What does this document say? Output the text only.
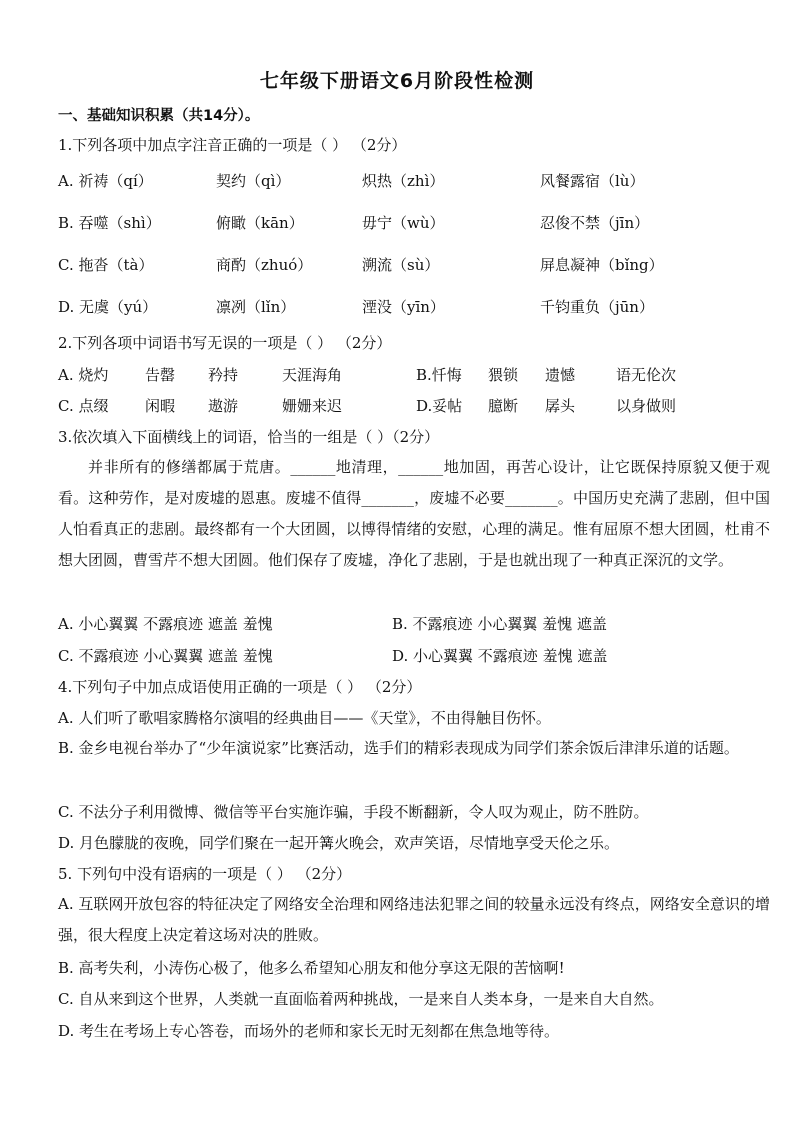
七年级下册语文6月阶段性检测
一、基础知识积累（共14分）。
1.下列各项中加点字注音正确的一项是（ ） （2分）
A. 祈祷（qí）	契约（qì）	炽热（zhì）	风餐露宿（lù）
B. 吞噬（shì）	俯瞰（kān）	毋宁（wù）	忍俊不禁（jīn）
C. 拖沓（tà）	商酌（zhuó）	溯流（sù）	屏息凝神（bǐng）
D. 无虞（yú）	凛冽（lǐn）	湮没（yīn）	千钧重负（jūn）
2.下列各项中词语书写无误的一项是（ ） （2分）
A. 烧灼 告罄 矜持	天涯海角	B.忏悔 猥锁 遗憾	语无伦次
C. 点缀 闲暇 遨游	姗姗来迟	D.妥帖 臆断 孱头	以身做则
3.依次填入下面横线上的词语，恰当的一组是（ ）（2分）
并非所有的修缮都属于荒唐。______地清理，______地加固，再苦心设计，让它既保持原貌又便于观看。这种劳作，是对废墟的恩惠。废墟不值得_______，废墟不必要_______。中国历史充满了悲剧，但中国人怕看真正的悲剧。最终都有一个大团圆，以博得情绪的安慰，心理的满足。惟有屈原不想大团圆，杜甫不想大团圆，曹雪芹不想大团圆。他们保存了废墟，净化了悲剧，于是也就出现了一种真正深沉的文学。
A. 小心翼翼 不露痕迹 遮盖 羞愧	B. 不露痕迹 小心翼翼 羞愧 遮盖
C. 不露痕迹 小心翼翼 遮盖 羞愧	D. 小心翼翼 不露痕迹 羞愧 遮盖
4.下列句子中加点成语使用正确的一项是（ ） （2分）
A. 人们听了歌唱家腾格尔演唱的经典曲目——《天堂》，不由得触目伤怀。
B. 金乡电视台举办了“少年演说家”比赛活动，选手们的精彩表现成为同学们茶余饭后津津乐道的话题。
C. 不法分子利用微博、微信等平台实施诈骗，手段不断翻新，令人叹为观止，防不胜防。
D. 月色朦胧的夜晚，同学们聚在一起开篝火晚会，欢声笑语，尽情地享受天伦之乐。
5. 下列句中没有语病的一项是（ ） （2分）
A. 互联网开放包容的特征决定了网络安全治理和网络违法犯罪之间的较量永远没有终点，网络安全意识的增强，很大程度上决定着这场对决的胜败。
B. 高考失利，小涛伤心极了，他多么希望知心朋友和他分享这无限的苦恼啊!
C. 自从来到这个世界，人类就一直面临着两种挑战，一是来自人类本身，一是来自大自然。
D. 考生在考场上专心答卷，而场外的老师和家长无时无刻都在焦急地等待。
